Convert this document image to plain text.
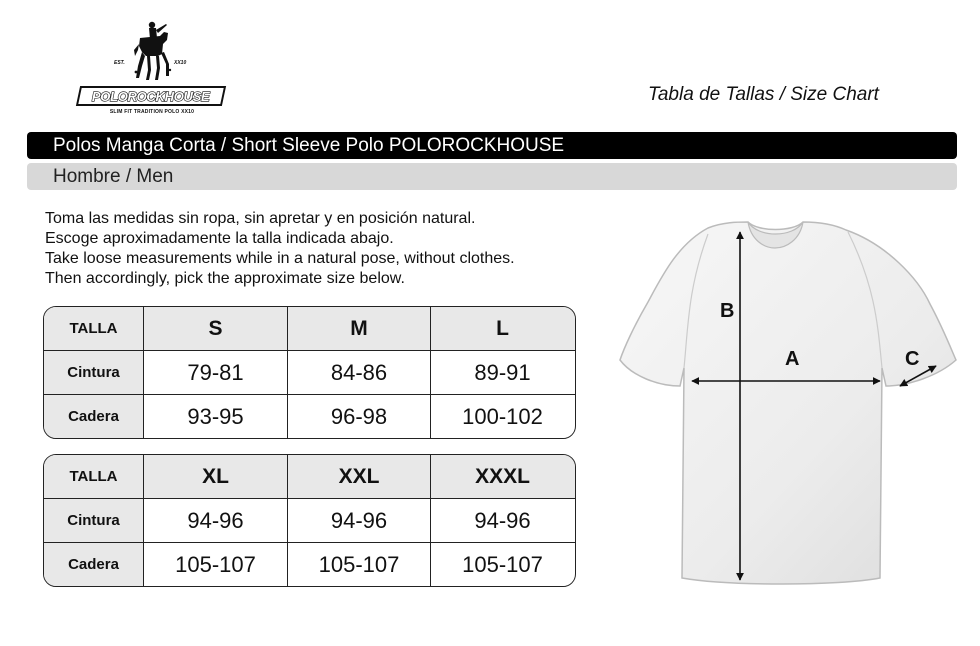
EST.	XX10
POLOROCKHOUSE
SLIM FIT TRADITION POLO XX10
Tabla de Tallas / Size Chart
Polos Manga Corta / Short Sleeve Polo POLOROCKHOUSE
Hombre / Men
Toma las medidas sin ropa, sin apretar y en posición natural.
Escoge aproximadamente la talla indicada abajo.
Take loose measurements while in a natural pose, without clothes.
Then accordingly, pick the approximate size below.
TALLA	S	M	L
Cintura	79-81	84-86	89-91
Cadera	93-95	96-98	100-102
TALLA	XL	XXL	XXXL
Cintura	94-96	94-96	94-96
Cadera	105-107	105-107	105-107
B
A	C
